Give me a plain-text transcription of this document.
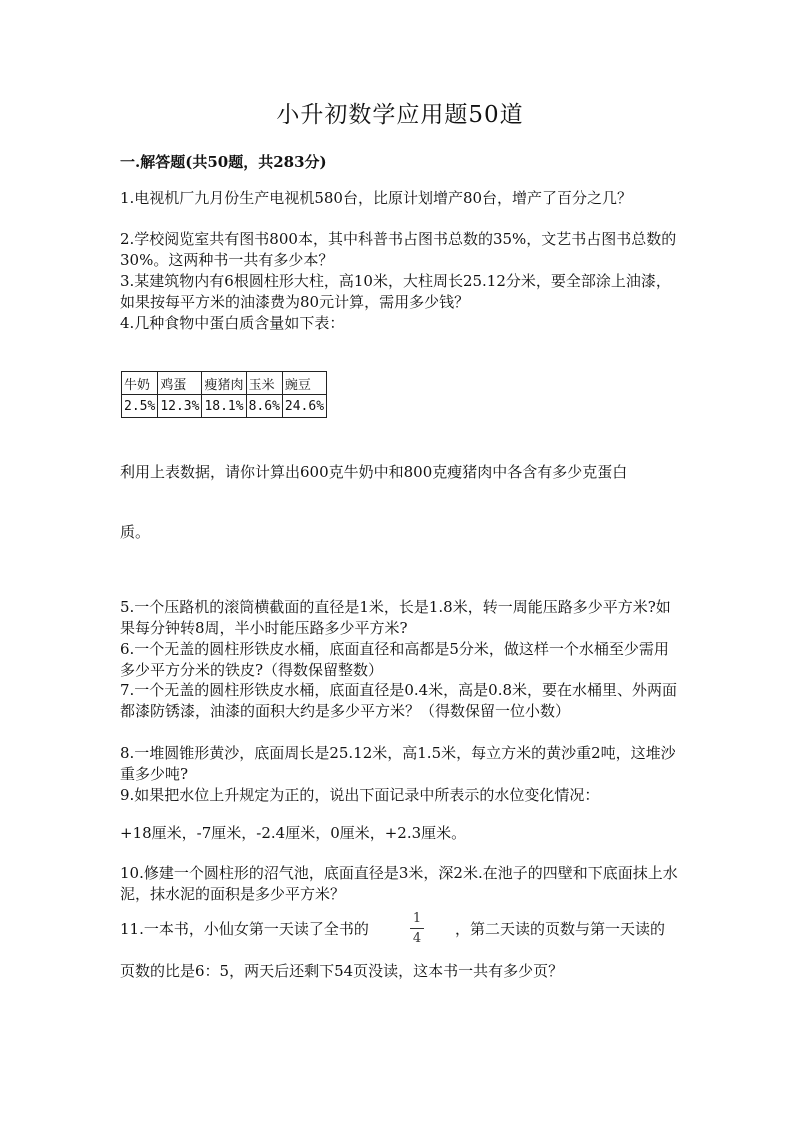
小升初数学应用题50道
一.解答题(共50题，共283分)
1.电视机厂九月份生产电视机580台，比原计划增产80台，增产了百分之几？
2.学校阅览室共有图书800本，其中科普书占图书总数的35%，文艺书占图书总数的30%。这两种书一共有多少本？
3.某建筑物内有6根圆柱形大柱，高10米，大柱周长25.12分米，要全部涂上油漆，如果按每平方米的油漆费为80元计算，需用多少钱？
4.几种食物中蛋白质含量如下表：
牛奶	鸡蛋	瘦猪肉	玉米	豌豆
2.5%	12.3%	18.1%	8.6%	24.6%
利用上表数据，请你计算出600克牛奶中和800克瘦猪肉中各含有多少克蛋白
质。
5.一个压路机的滚筒横截面的直径是1米，长是1.8米，转一周能压路多少平方米?如果每分钟转8周，半小时能压路多少平方米?
6.一个无盖的圆柱形铁皮水桶，底面直径和高都是5分米，做这样一个水桶至少需用多少平方分米的铁皮?（得数保留整数）
7.一个无盖的圆柱形铁皮水桶，底面直径是0.4米，高是0.8米，要在水桶里、外两面都漆防锈漆，油漆的面积大约是多少平方米？（得数保留一位小数）
8.一堆圆锥形黄沙，底面周长是25.12米，高1.5米，每立方米的黄沙重2吨，这堆沙重多少吨?
9.如果把水位上升规定为正的，说出下面记录中所表示的水位变化情况：
+18厘米，-7厘米，-2.4厘米，0厘米，+2.3厘米。
10.修建一个圆柱形的沼气池，底面直径是3米，深2米.在池子的四壁和下底面抹上水泥，抹水泥的面积是多少平方米？
11.一本书，小仙女第一天读了全书的
1
4
，第二天读的页数与第一天读的
页数的比是6：5，两天后还剩下54页没读，这本书一共有多少页？
